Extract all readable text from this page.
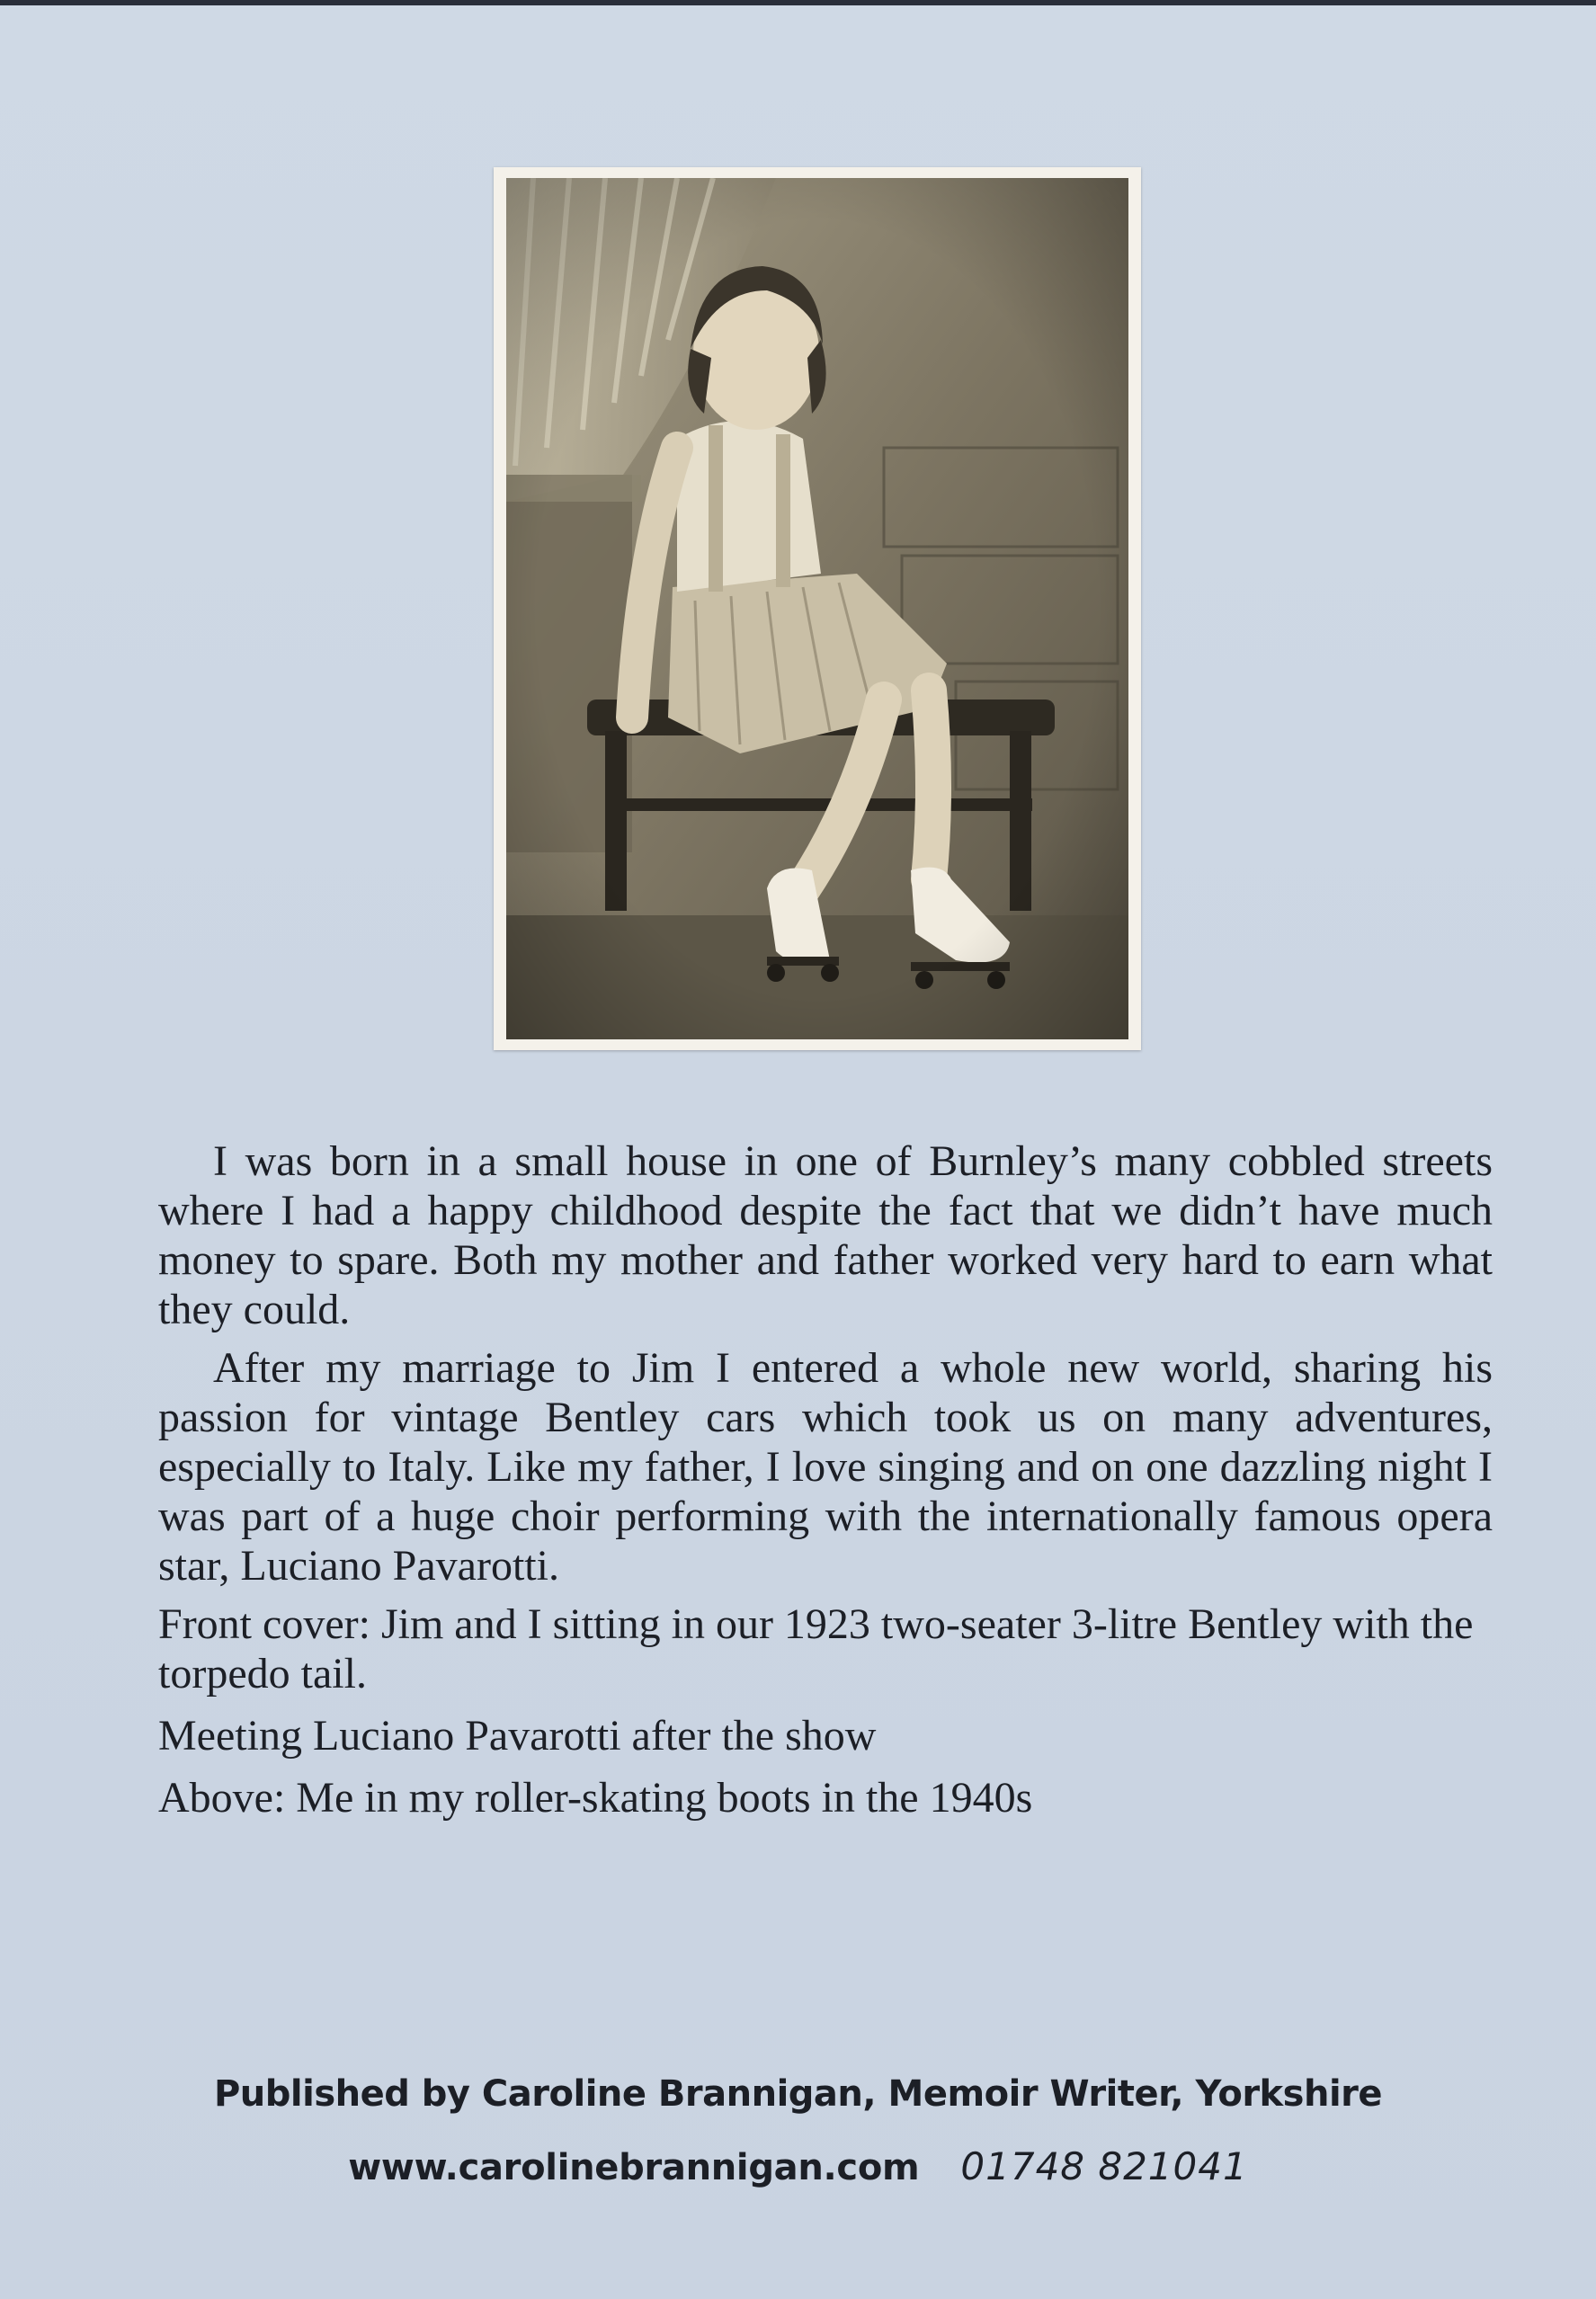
I was born in a small house in one of Burnley’s many cobbled streets where I had a happy childhood despite the fact that we didn’t have much money to spare. Both my mother and father worked very hard to earn what they could.

After my marriage to Jim I entered a whole new world, sharing his passion for vintage Bentley cars which took us on many adventures, especially to Italy. Like my father, I love singing and on one dazzling night I was part of a huge choir performing with the internationally famous opera star, Luciano Pavarotti.

Front cover: Jim and I sitting in our 1923 two-seater 3-litre Bentley with the torpedo tail.

Meeting Luciano Pavarotti after the show

Above: Me in my roller-skating boots in the 1940s

Published by Caroline Brannigan, Memoir Writer, Yorkshire
www.carolinebrannigan.com 01748 821041
